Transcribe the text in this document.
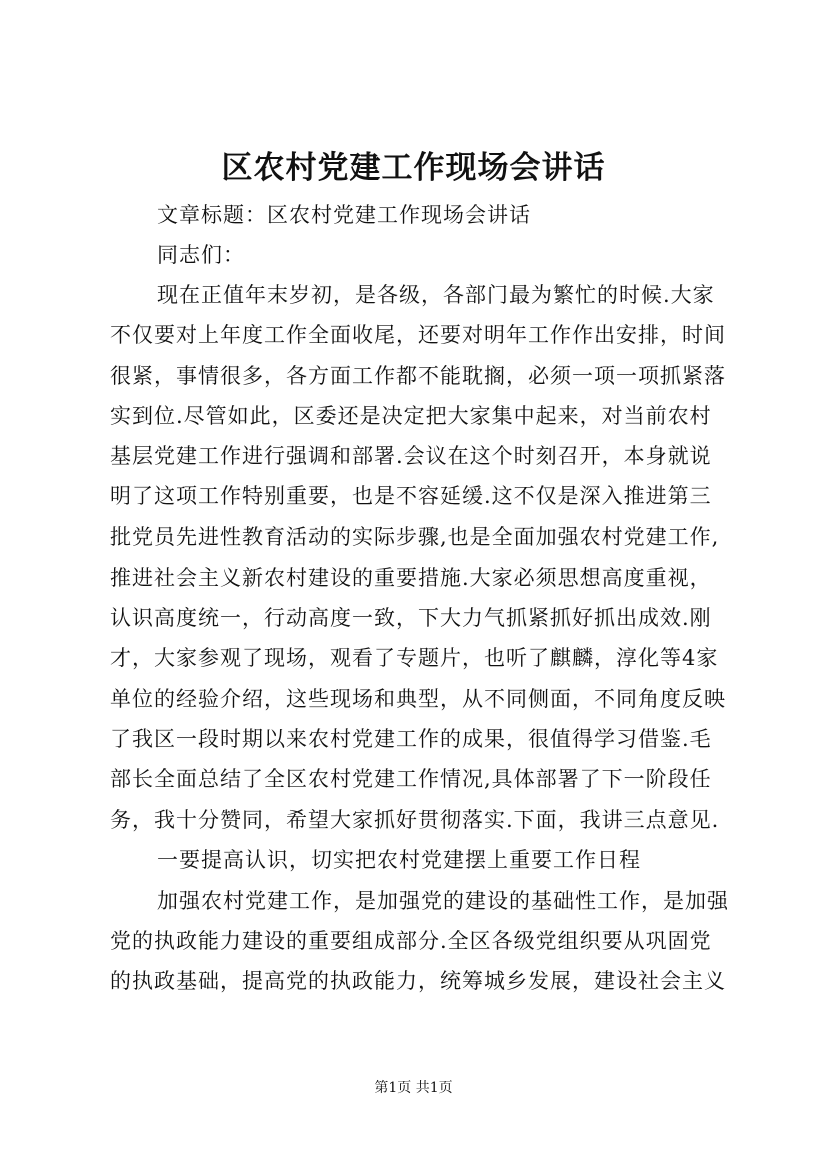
区农村党建工作现场会讲话
文章标题：区农村党建工作现场会讲话
同志们：
现在正值年末岁初，是各级，各部门最为繁忙的时候.大家
不仅要对上年度工作全面收尾，还要对明年工作作出安排，时间
很紧，事情很多，各方面工作都不能耽搁，必须一项一项抓紧落
实到位.尽管如此，区委还是决定把大家集中起来，对当前农村
基层党建工作进行强调和部署.会议在这个时刻召开，本身就说
明了这项工作特别重要，也是不容延缓.这不仅是深入推进第三
批党员先进性教育活动的实际步骤,也是全面加强农村党建工作,
推进社会主义新农村建设的重要措施.大家必须思想高度重视，
认识高度统一，行动高度一致，下大力气抓紧抓好抓出成效.刚
才，大家参观了现场，观看了专题片，也听了麒麟，淳化等4家
单位的经验介绍，这些现场和典型，从不同侧面，不同角度反映
了我区一段时期以来农村党建工作的成果，很值得学习借鉴.毛
部长全面总结了全区农村党建工作情况,具体部署了下一阶段任
务，我十分赞同，希望大家抓好贯彻落实.下面，我讲三点意见.
一要提高认识，切实把农村党建摆上重要工作日程
加强农村党建工作，是加强党的建设的基础性工作，是加强
党的执政能力建设的重要组成部分.全区各级党组织要从巩固党
的执政基础，提高党的执政能力，统筹城乡发展，建设社会主义
第1页 共1页
